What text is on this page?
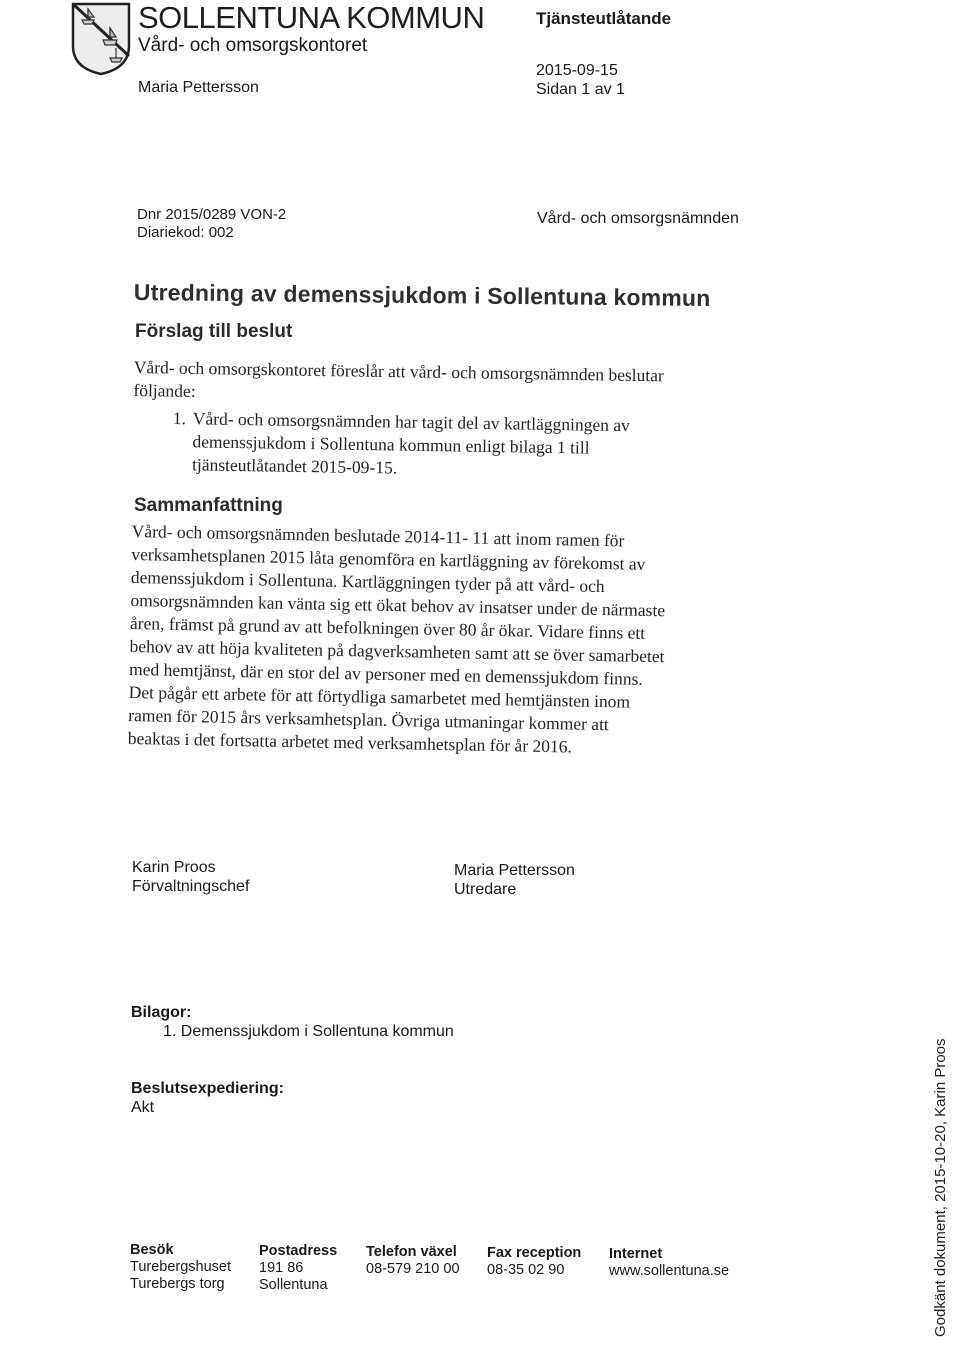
SOLLENTUNA KOMMUN
Vård- och omsorgskontoret
Tjänsteutlåtande
Maria Pettersson
2015-09-15
Sidan 1 av 1
Dnr 2015/0289 VON-2
Diariekod: 002
Vård- och omsorgsnämnden
Utredning av demenssjukdom i Sollentuna kommun
Förslag till beslut

Vård- och omsorgskontoret föreslår att vård- och omsorgsnämnden beslutar

följande:

1. Vård- och omsorgsnämnden har tagit del av kartläggningen av

demenssjukdom i Sollentuna kommun enligt bilaga 1 till

tjänsteutlåtandet 2015-09-15.

Sammanfattning

Vård- och omsorgsnämnden beslutade 2014-11- 11 att inom ramen för

verksamhetsplanen 2015 låta genomföra en kartläggning av förekomst av

demenssjukdom i Sollentuna. Kartläggningen tyder på att vård- och

omsorgsnämnden kan vänta sig ett ökat behov av insatser under de närmaste

åren, främst på grund av att befolkningen över 80 år ökar. Vidare finns ett

behov av att höja kvaliteten på dagverksamheten samt att se över samarbetet

med hemtjänst, där en stor del av personer med en demenssjukdom finns.

Det pågår ett arbete för att förtydliga samarbetet med hemtjänsten inom

ramen för 2015 års verksamhetsplan. Övriga utmaningar kommer att

beaktas i det fortsatta arbetet med verksamhetsplan för år 2016.

Karin Proos
Förvaltningschef
Maria Pettersson
Utredare
Bilagor:
1. Demenssjukdom i Sollentuna kommun
Beslutsexpediering:
Akt
Besök
Turebergshuset
Turebergs torg
Postadress
191 86
Sollentuna
Telefon växel
08-579 210 00
Fax reception
08-35 02 90
Internet
www.sollentuna.se	Godkänt dokument, 2015-10-20, Karin Proos
